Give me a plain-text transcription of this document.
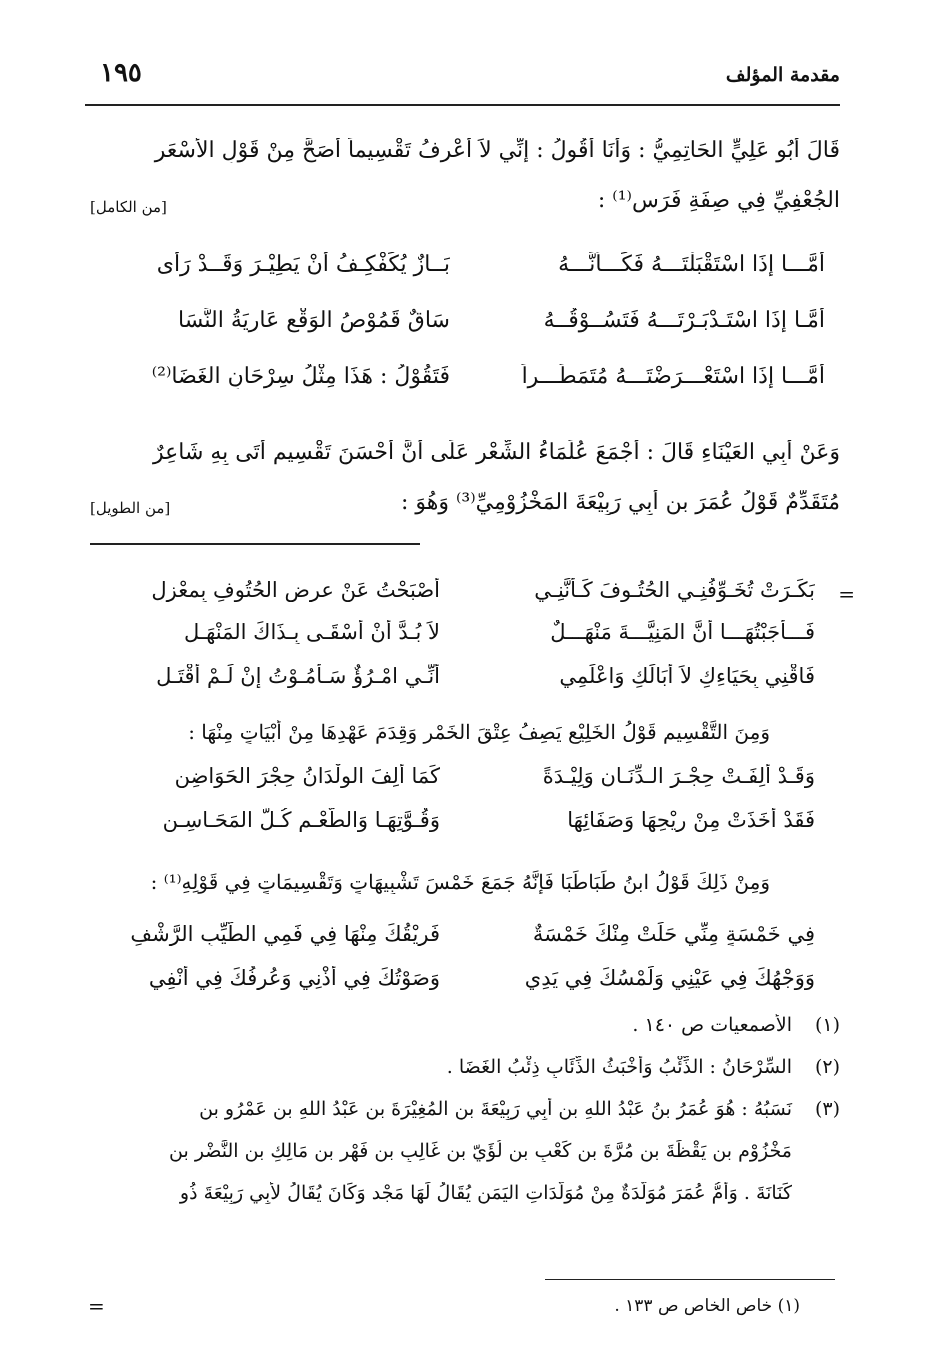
مقدمة المؤلف
١٩٥
قَالَ أَبُو عَلِيٍّ الحَاتِمِيُّ : وَأَنَا أَقُولُ : إِنِّي لاَ أَعْرِفُ تَقْسِيماً أَصَحَّ مِنْ قَوْلِ الأَسْعَرِ
الجُعْفِيِّ فِي صِفَةِ فَرَسٍ⁽¹⁾ :
[من الكامل]
أَمَّـــا إِذَا اسْتَقْبَلْتَـــهُ فَكَـــأَنَّـــهُ
بَــازٌ يُكَفْكِـفُ أَنْ يَطِيْـرَ وَقَــدْ رَأَى
أَمَّـا إِذَا اسْتَـدْبَـرْتَـــهُ فَتَسُــوْقُــهُ
سَاقٌ قَمُوْصُ الوَقْعِ عَارِيَةُ النَّسَا
أَمَّـــا إِذَا اسْتَعْـــرَضْتَـــهُ مُتَمَطِّـــراً
فَتَقُوْلُ : هَذَا مِثْلُ سِرْحَانِ الغَضَا⁽²⁾
وَعَنْ أَبِي العَيْنَاءِ قَالَ : أَجْمَعَ عُلَمَاءُ الشِّعْرِ عَلَى أَنَّ أَحْسَنَ تَقْسِيمٍ أَتَى بِهِ شَاعِرٌ
مُتَقَدِّمٌ قَوْلُ عُمَرَ بن أَبِي رَبِيْعَةَ المَخْزُوْمِيِّ⁽³⁾ وَهُوَ :
[من الطويل]
=
بَكَـرَتْ تُخَـوِّفُنِـي الحُتُـوفَ كَـأَنَّنِـي
أَصْبَحْتُ عَنْ عرضِ الحُتُوفِ بِمعْزِلِ
فَـــأَجَبْتُهَـــا أَنَّ المَنِيَّـــةَ مَنْهَـــلٌ
لاَ بُـدَّ أَنْ أُسْقَـى بِـذَاكَ المَنْهَـلِ
فَاقْنِي بِحَيَاءِكِ لاَ أَبَالَكِ وَاعْلَمِي
أَنِّـي امْـرُؤٌ سَـأَمُـوْتُ إِنْ لَـمْ أُقْتَـلِ
وَمِنَ التَّقْسِيمِ قَوْلُ الخَلِيْعِ يَصِفُ عِتْقَ الخَمْرِ وَقِدَمَ عَهْدِهَا مِنْ أَبْيَاتٍ مِنْهَا :
وَقَـدْ أَلِفَـتْ حِجْـرَ الـدِّنَـانِ وَلِيْـدَةً
كَمَا أَلِفَ الوِلْدَانُ حِجْرَ الحَوَاضِنِ
فَقَدْ أَخَذَتْ مِنْ رِيْحِهَا وَصَفَائِهَا
وَقُـوَّتِهَـا وَالطَّعْـمِ كُـلَّ المَحَـاسِـنِ
وَمِنْ ذَلِكَ قَوْلُ ابنُ طَبَاطَبَا فَإِنَّهُ جَمَعَ خَمْسَ تَشْبِيهَاتٍ وَتَقْسِيمَاتٍ فِي قَوْلِهِ⁽¹⁾ :
فِي خَمْسَةٍ مِنِّي حَلَتْ مِنْكَ خَمْسَةٌ
فَرِيْقُكَ مِنْهَا فِي فَمِي الطَّيِّبِ الرَّشْفِ
وَوَجْهُكَ فِي عَيْنِي وَلَمْسُكَ فِي يَدِي
وَصَوْتُكَ فِي أُذْنِي وَعُرفُكَ فِي أُنْفِي
(١)الأصمعيات ص ١٤٠ .
(٢)السِّرْحَانُ : الذِّئْبُ وَأَخْبَثُ الذِّئَابِ ذِئْبُ الغَضَا .
(٣)نَسَبُهُ : هُوَ عُمَرُ بنُ عَبْدُ اللهِ بن أَبِي رَبِيْعَةَ بن المُغِيْرَةَ بن عَبْدُ اللهِ بن عَمْرُو بن
مَخْزُوْمِ بن يَقْظَةَ بن مُرَّةَ بن كَعْبِ بن لُؤَيّ بن غَالِبِ بن فَهْرِ بن مَالِكِ بن النَّضْرِ بن
كَنَانَةَ . وَأُمُّ عُمَرَ مُوَلَّدَةٌ مِنْ مُوَلَّدَاتِ اليَمَنِ يُقَالُ لَهَا مَجْد وَكَانَ يُقَالُ لأَبِي رَبِيْعَةَ ذُو
(١) خاص الخاص ص ١٣٣ .
=
